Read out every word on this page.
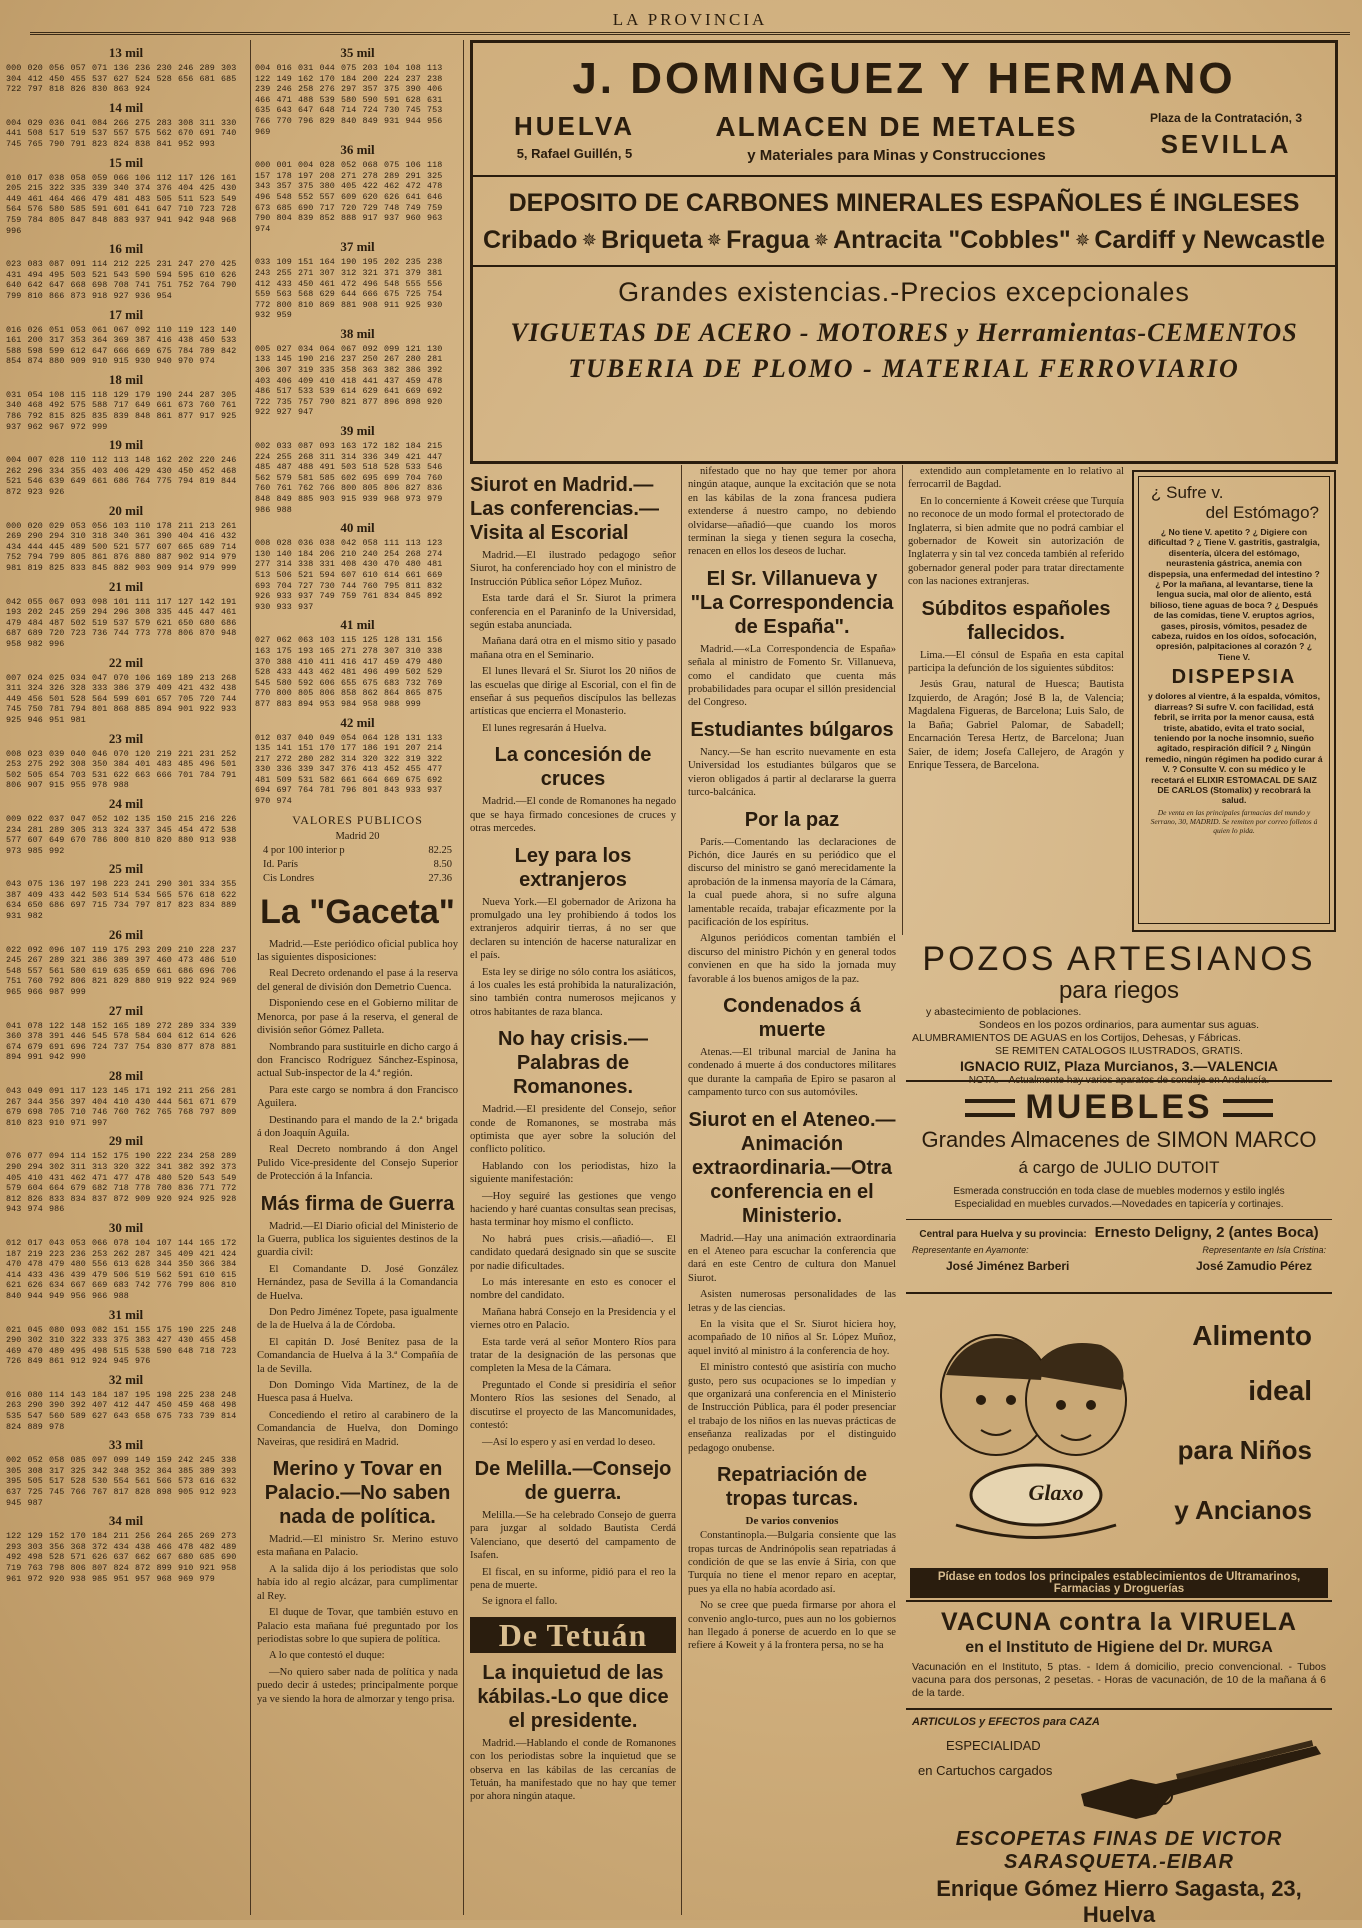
LA PROVINCIA
13 mil
000 020 056 057 071 136 236 230 246 289 303 304 412 450 455 537 627 524 528 656 681 685 722 797 818 826 830 863 924
14 mil
004 029 036 041 084 266 275 283 308 311 330 441 508 517 519 537 557 575 562 670 691 740 745 765 790 791 823 824 838 841 952 993
15 mil
010 017 038 058 059 066 106 112 117 126 161 205 215 322 335 339 340 374 376 404 425 430 449 461 464 466 479 481 483 505 511 523 549 564 576 580 585 591 601 641 647 710 723 728 759 784 805 847 848 883 937 941 942 948 968 996
16 mil
023 083 087 091 114 212 225 231 247 270 425 431 494 495 503 521 543 590 594 595 610 626 640 642 647 668 698 708 741 751 752 764 790 799 810 866 873 918 927 936 954
17 mil
016 026 051 053 061 067 092 110 119 123 140 161 200 317 353 364 369 387 416 438 450 533 588 598 599 612 647 666 669 675 784 789 842 854 874 880 909 910 915 930 940 970 974
18 mil
031 054 108 115 118 129 179 190 244 287 305 340 468 492 575 588 717 649 661 673 760 761 786 792 815 825 835 839 848 861 877 917 925 937 962 967 972 999
19 mil
004 007 028 110 112 113 148 162 202 220 246 262 296 334 355 403 406 429 430 450 452 468 521 546 639 649 661 686 764 775 794 819 844 872 923 926
20 mil
000 020 029 053 056 103 110 178 211 213 261 269 290 294 310 318 340 361 390 404 416 432 434 444 445 489 500 521 577 607 665 689 714 752 794 799 805 861 876 880 887 902 914 979 981 819 825 833 845 882 903 909 914 979 999
21 mil
042 055 067 093 098 101 111 117 127 142 191 193 202 245 259 294 296 308 335 445 447 461 479 484 487 502 519 537 579 621 650 680 686 687 689 720 723 736 744 773 778 806 870 948 958 982 996
22 mil
007 024 025 034 047 070 106 169 189 213 268 311 324 326 328 333 386 379 409 421 432 438 449 456 501 528 564 599 601 657 705 720 744 745 750 781 794 801 868 885 894 901 922 933 925 946 951 981
23 mil
008 023 039 040 046 070 120 219 221 231 252 253 275 292 308 350 384 401 483 485 496 501 502 505 654 703 531 622 663 666 701 784 791 806 907 915 955 978 988
24 mil
009 022 037 047 052 102 135 150 215 216 226 234 281 289 305 313 324 337 345 454 472 538 577 607 649 670 786 800 810 820 880 913 938 973 985 992
25 mil
043 075 136 197 198 223 241 290 301 334 355 387 409 433 442 503 514 534 565 576 618 622 634 650 686 697 715 734 797 817 823 834 889 931 982
26 mil
022 092 096 107 119 175 293 209 210 228 237 245 267 289 321 386 389 397 460 473 486 510 548 557 561 580 619 635 659 661 686 696 706 751 760 792 806 821 829 880 919 922 924 969 965 966 987 999
27 mil
041 078 122 148 152 165 189 272 289 334 339 360 378 391 446 545 578 584 604 612 614 626 674 679 691 696 724 737 754 830 877 878 881 894 991 942 990
28 mil
043 049 091 117 123 145 171 192 211 256 281 267 344 356 397 404 410 430 444 561 671 679 679 698 705 710 746 760 762 765 768 797 809 810 823 910 971 997
29 mil
076 077 094 114 152 175 190 222 234 258 289 290 294 302 311 313 320 322 341 382 392 373 405 410 431 462 471 477 478 480 520 543 549 579 604 664 679 682 718 778 780 836 771 772 812 826 833 834 837 872 909 920 924 925 928 943 974 986
30 mil
012 017 043 053 066 078 104 107 144 165 172 187 219 223 236 253 262 287 345 409 421 424 470 478 479 480 556 613 628 344 350 366 384 414 433 436 439 479 506 519 562 591 610 615 621 626 634 667 669 683 742 776 799 806 810 840 944 949 956 966 988
31 mil
021 045 080 093 082 151 155 175 190 225 248 290 302 310 322 333 375 383 427 430 455 458 469 470 489 495 498 515 538 590 648 718 723 726 849 861 912 924 945 976
32 mil
016 080 114 143 184 187 195 198 225 238 248 263 290 390 392 407 412 447 450 459 468 498 535 547 560 589 627 643 658 675 733 739 814 824 889 978
33 mil
002 052 058 085 097 099 149 159 242 245 338 305 308 317 325 342 348 352 364 385 389 393 395 505 517 528 530 554 561 566 573 616 632 637 725 745 766 767 817 828 898 905 912 923 945 987
34 mil
122 129 152 170 184 211 256 264 265 269 273 293 303 356 368 372 434 438 466 478 482 489 492 498 528 571 626 637 662 667 680 685 690 719 763 798 806 807 824 872 899 910 921 958 961 972 920 938 985 951 957 968 969 979
35 mil
004 016 031 044 075 203 104 108 113 122 149 162 170 184 200 224 237 238 239 246 258 276 297 357 375 390 406 466 471 488 539 580 590 591 628 631 635 643 647 648 714 724 730 745 753 766 770 796 829 840 849 931 944 956 969
36 mil
000 001 004 028 052 068 075 106 118 157 178 197 208 271 278 289 291 325 343 357 375 380 405 422 462 472 478 496 548 552 557 609 620 626 641 646 673 685 690 717 720 729 748 749 759 790 804 839 852 888 917 937 960 963 974
37 mil
033 109 151 164 190 195 202 235 238 243 255 271 307 312 321 371 379 381 412 433 450 461 472 496 548 555 556 559 563 568 629 644 666 675 725 754 772 800 810 869 881 908 911 925 930 932 959
38 mil
005 027 034 064 067 092 099 121 130 133 145 190 216 237 250 267 280 281 306 307 319 335 358 363 382 386 392 403 406 409 410 418 441 437 459 478 486 517 533 539 614 629 641 669 692 722 735 757 790 821 877 896 898 920 922 927 947
39 mil
002 033 087 093 163 172 182 184 215 224 255 268 311 314 336 349 421 447 485 487 488 491 503 518 528 533 546 562 579 581 585 602 695 699 704 760 760 761 762 766 800 805 806 827 836 848 849 885 903 915 939 968 973 979 986 988
40 mil
008 028 036 038 042 058 111 113 123 130 140 184 206 210 240 254 268 274 277 314 338 331 408 430 470 480 481 513 506 521 594 607 610 614 661 669 693 704 727 730 744 760 795 811 832 926 933 937 749 759 761 834 845 892 930 933 937
41 mil
027 062 063 103 115 125 128 131 156 163 175 193 165 271 278 307 310 338 370 388 410 411 416 417 459 479 480 528 433 443 462 481 496 499 502 529 545 580 592 606 655 675 683 732 769 770 800 805 806 858 862 864 865 875 877 883 894 953 984 958 988 999
42 mil
012 037 040 049 054 064 128 131 133 135 141 151 170 177 186 191 207 214 217 272 280 282 314 320 322 319 322 330 336 339 347 376 413 452 455 477 481 509 531 582 661 664 669 675 692 694 697 764 781 796 801 843 933 937 970 974
VALORES PUBLICOS
Madrid 20
4 por 100 interior p	82.25
Id. París	8.50
Cis Londres	27.36
La "Gaceta"
Madrid.—Este periódico oficial publica hoy las siguientes disposiciones:
Real Decreto ordenando el pase á la reserva del general de división don Demetrio Cuenca.
Disponiendo cese en el Gobierno militar de Menorca, por pase á la reserva, el general de división señor Gómez Palleta.
Nombrando para sustituirle en dicho cargo á don Francisco Rodríguez Sánchez-Espinosa, actual Sub-inspector de la 4.ª región.
Para este cargo se nombra á don Francisco Aguilera.
Destinando para el mando de la 2.ª brigada á don Joaquín Aguila.
Real Decreto nombrando á don Angel Pulido Vice-presidente del Consejo Superior de Protección á la Infancia.
Más firma de Guerra
Madrid.—El Diario oficial del Ministerio de la Guerra, publica los siguientes destinos de la guardia civil:
El Comandante D. José González Hernández, pasa de Sevilla á la Comandancia de Huelva.
Don Pedro Jiménez Topete, pasa igualmente de la de Huelva á la de Córdoba.
El capitán D. José Benítez pasa de la Comandancia de Huelva á la 3.ª Compañía de la de Sevilla.
Don Domingo Vida Martínez, de la de Huesca pasa á Huelva.
Concediendo el retiro al carabinero de la Comandancia de Huelva, don Domingo Naveiras, que residirá en Madrid.
Merino y Tovar en Palacio.—No saben nada de política.
Madrid.—El ministro Sr. Merino estuvo esta mañana en Palacio.
A la salida dijo á los periodistas que solo había ido al regio alcázar, para cumplimentar al Rey.
El duque de Tovar, que también estuvo en Palacio esta mañana fué preguntado por los periodistas sobre lo que supiera de política.
A lo que contestó el duque:
—No quiero saber nada de política y nada puedo decir á ustedes; principalmente porque ya ve siendo la hora de almorzar y tengo prisa.
J. DOMINGUEZ Y HERMANO
HUELVA
5, Rafael Guillén, 5
ALMACEN DE METALES
y Materiales para Minas y Construcciones
Plaza de la Contratación, 3
SEVILLA
DEPOSITO DE CARBONES MINERALES ESPAÑOLES É INGLESES
Cribado ✵ Briqueta ✵ Fragua ✵ Antracita "Cobbles" ✵ Cardiff y Newcastle
Grandes existencias.-Precios excepcionales
VIGUETAS DE ACERO - MOTORES y Herramientas-CEMENTOS
TUBERIA DE PLOMO - MATERIAL FERROVIARIO
Siurot en Madrid.—Las conferencias.—Visita al Escorial
Madrid.—El ilustrado pedagogo señor Siurot, ha conferenciado hoy con el ministro de Instrucción Pública señor López Muñoz.
Esta tarde dará el Sr. Siurot la primera conferencia en el Paraninfo de la Universidad, según estaba anunciada.
Mañana dará otra en el mismo sitio y pasado mañana otra en el Seminario.
El lunes llevará el Sr. Siurot los 20 niños de las escuelas que dirige al Escorial, con el fin de enseñar á sus pequeños discípulos las bellezas artísticas que encierra el Monasterio.
El lunes regresarán á Huelva.
La concesión de cruces
Madrid.—El conde de Romanones ha negado que se haya firmado concesiones de cruces y otras mercedes.
Ley para los extranjeros
Nueva York.—El gobernador de Arizona ha promulgado una ley prohibiendo á todos los extranjeros adquirir tierras, á no ser que declaren su intención de hacerse naturalizar en el país.
Esta ley se dirige no sólo contra los asiáticos, á los cuales les está prohibida la naturalización, sino también contra numerosos mejicanos y otros habitantes de raza blanca.
No hay crisis.—Palabras de Romanones.
Madrid.—El presidente del Consejo, señor conde de Romanones, se mostraba más optimista que ayer sobre la solución del conflicto político.
Hablando con los periodistas, hizo la siguiente manifestación:
—Hoy seguiré las gestiones que vengo haciendo y haré cuantas consultas sean precisas, hasta terminar hoy mismo el conflicto.
No habrá pues crisis.—añadió—. El candidato quedará designado sin que se suscite por nadie dificultades.
Lo más interesante en esto es conocer el nombre del candidato.
Mañana habrá Consejo en la Presidencia y el viernes otro en Palacio.
Esta tarde verá al señor Montero Ríos para tratar de la designación de las personas que completen la Mesa de la Cámara.
Preguntado el Conde si presidiría el señor Montero Ríos las sesiones del Senado, al discutirse el proyecto de las Mancomunidades, contestó:
—Así lo espero y así en verdad lo deseo.
De Melilla.—Consejo de guerra.
Melilla.—Se ha celebrado Consejo de guerra para juzgar al soldado Bautista Cerdá Valenciano, que desertó del campamento de Isafen.
El fiscal, en su informe, pidió para el reo la pena de muerte.
Se ignora el fallo.
De Tetuán
La inquietud de las kábilas.-Lo que dice el presidente.
Madrid.—Hablando el conde de Romanones con los periodistas sobre la inquietud que se observa en las kábilas de las cercanías de Tetuán, ha manifestado que no hay que temer por ahora ningún ataque.
nifestado que no hay que temer por ahora ningún ataque, aunque la excitación que se nota en las kábilas de la zona francesa pudiera extenderse á nuestro campo, no debiendo olvidarse—añadió—que cuando los moros terminan la siega y tienen segura la cosecha, renacen en ellos los deseos de luchar.
El Sr. Villanueva y "La Correspondencia de España".
Madrid.—«La Correspondencia de España» señala al ministro de Fomento Sr. Villanueva, como el candidato que cuenta más probabilidades para ocupar el sillón presidencial del Congreso.
Estudiantes búlgaros
Nancy.—Se han escrito nuevamente en esta Universidad los estudiantes búlgaros que se vieron obligados á partir al declararse la guerra turco-balcánica.
Por la paz
París.—Comentando las declaraciones de Pichón, dice Jaurés en su periódico que el discurso del ministro se ganó merecidamente la aprobación de la inmensa mayoría de la Cámara, la cual puede ahora, si no sufre alguna lamentable recaída, trabajar eficazmente por la pacificación de los espíritus.
Algunos periódicos comentan también el discurso del ministro Pichón y en general todos convienen en que ha sido la jornada muy favorable á los buenos amigos de la paz.
Condenados á muerte
Atenas.—El tribunal marcial de Janina ha condenado á muerte á dos conductores militares que durante la campaña de Epiro se pasaron al campamento turco con sus automóviles.
Siurot en el Ateneo.—Animación extraordinaria.—Otra conferencia en el Ministerio.
Madrid.—Hay una animación extraordinaria en el Ateneo para escuchar la conferencia que dará en este Centro de cultura don Manuel Siurot.
Asisten numerosas personalidades de las letras y de las ciencias.
En la visita que el Sr. Siurot hiciera hoy, acompañado de 10 niños al Sr. López Muñoz, aquel invitó al ministro á la conferencia de hoy.
El ministro contestó que asistiría con mucho gusto, pero sus ocupaciones se lo impedían y que organizará una conferencia en el Ministerio de Instrucción Pública, para él poder presenciar el trabajo de los niños en las nuevas prácticas de enseñanza realizadas por el distinguido pedagogo onubense.
Repatriación de tropas turcas.
De varios convenios
Constantinopla.—Bulgaria consiente que las tropas turcas de Andrinópolis sean repatriadas á condición de que se las envíe á Siria, con que Turquía no tiene el menor reparo en aceptar, pues ya ella no había acordado así.
No se cree que pueda firmarse por ahora el convenio anglo-turco, pues aun no los gobiernos han llegado á ponerse de acuerdo en lo que se refiere á Koweit y á la frontera persa, no se ha
extendido aun completamente en lo relativo al ferrocarril de Bagdad.
En lo concerniente á Koweit créese que Turquía no reconoce de un modo formal el protectorado de Inglaterra, si bien admite que no podrá cambiar el gobernador de Koweit sin autorización de Inglaterra y sin tal vez conceda también al referido gobernador general poder para tratar directamente con las naciones extranjeras.
Súbditos españoles fallecidos.
Lima.—El cónsul de España en esta capital participa la defunción de los siguientes súbditos:
Jesús Grau, natural de Huesca; Bautista Izquierdo, de Aragón; José B la, de Valencia; Magdalena Figueras, de Barcelona; Luis Salo, de la Baña; Gabriel Palomar, de Sabadell; Encarnación Teresa Hertz, de Barcelona; Juan Saier, de idem; Josefa Callejero, de Aragón y Enrique Tessera, de Barcelona.
¿ Sufre v.
del Estómago?
¿ No tiene V. apetito ? ¿ Digiere con dificultad ? ¿ Tiene V. gastritis, gastralgia, disentería, úlcera del estómago, neurastenia gástrica, anemia con dispepsia, una enfermedad del intestino ? ¿ Por la mañana, al levantarse, tiene la lengua sucia, mal olor de aliento, está bilioso, tiene aguas de boca ? ¿ Después de las comidas, tiene V. eruptos agrios, gases, pirosis, vómitos, pesadez de cabeza, ruidos en los oídos, sofocación, opresión, palpitaciones al corazón ? ¿ Tiene V.
DISPEPSIA
y dolores al vientre, á la espalda, vómitos, diarreas? Si sufre V. con facilidad, está febril, se irrita por la menor causa, está triste, abatido, evita el trato social, teniendo por la noche insomnio, sueño agitado, respiración difícil ? ¿ Ningún remedio, ningún régimen ha podido curar á V. ? Consulte V. con su médico y le recetará el ELIXIR ESTOMACAL DE SAIZ DE CARLOS (Stomalix) y recobrará la salud.
De venta en las principales farmacias del mundo y Serrano, 30, MADRID. Se remiten por correo folletos á quien lo pida.
POZOS ARTESIANOS
para riegos
y abastecimiento de poblaciones.
Sondeos en los pozos ordinarios, para aumentar sus aguas.
ALUMBRAMIENTOS DE AGUAS en los Cortijos, Dehesas, y Fábricas.
SE REMITEN CATALOGOS ILUSTRADOS, GRATIS.
IGNACIO RUIZ, Plaza Murcianos, 3.—VALENCIA
NOTA.—Actualmente hay varios aparatos de sondaje en Andalucía.
MUEBLES
Grandes Almacenes de SIMON MARCO
á cargo de JULIO DUTOIT
Esmerada construcción en toda clase de muebles modernos y estilo inglés
Especialidad en muebles curvados.—Novedades en tapicería y cortinajes.
Central para Huelva y su provincia: Ernesto Deligny, 2 (antes Boca)
Representante en Ayamonte:	Representante en Isla Cristina:
José Jiménez Barberi	José Zamudio Pérez
Glaxo
Alimento
ideal
para Niños
y Ancianos
Pídase en todos los principales establecimientos de Ultramarinos, Farmacias y Droguerías
VACUNA contra la VIRUELA
en el Instituto de Higiene del Dr. MURGA
Vacunación en el Instituto, 5 ptas. - Idem á domicilio, precio convencional. - Tubos vacuna para dos personas, 2 pesetas. - Horas de vacunación, de 10 de la mañana á 6 de la tarde.
ARTICULOS y EFECTOS para CAZA
ESPECIALIDAD
en Cartuchos cargados
ESCOPETAS FINAS DE VICTOR SARASQUETA.-EIBAR
Enrique Gómez Hierro Sagasta, 23, Huelva
